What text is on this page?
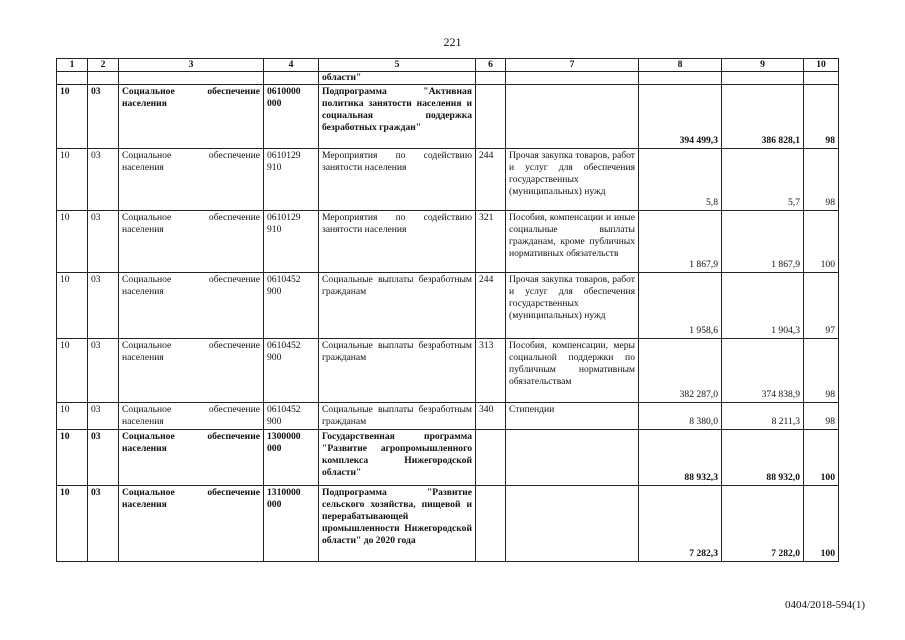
221
1	2	3	4	5	6	7	8	9	10
				области"					
10	03	Социальное обеспечение населения	0610000 000	Подпрограмма "Активная политика занятости населения и социальная поддержка безработных граждан"			394 499,3	386 828,1	98
10	03	Социальное обеспечение населения	0610129 910	Мероприятия по содействию занятости населения	244	Прочая закупка товаров, работ и услуг для обеспечения государственных (муниципальных) нужд	5,8	5,7	98
10	03	Социальное обеспечение населения	0610129 910	Мероприятия по содействию занятости населения	321	Пособия, компенсации и иные социальные выплаты гражданам, кроме публичных нормативных обязательств	1 867,9	1 867,9	100
10	03	Социальное обеспечение населения	0610452 900	Социальные выплаты безработным гражданам	244	Прочая закупка товаров, работ и услуг для обеспечения государственных (муниципальных) нужд	1 958,6	1 904,3	97
10	03	Социальное обеспечение населения	0610452 900	Социальные выплаты безработным гражданам	313	Пособия, компенсации, меры социальной поддержки по публичным нормативным обязательствам	382 287,0	374 838,9	98
10	03	Социальное обеспечение населения	0610452 900	Социальные выплаты безработным гражданам	340	Стипендии	8 380,0	8 211,3	98
10	03	Социальное обеспечение населения	1300000 000	Государственная программа "Развитие агропромышленного комплекса Нижегородской области"			88 932,3	88 932,0	100
10	03	Социальное обеспечение населения	1310000 000	Подпрограмма "Развитие сельского хозяйства, пищевой и перерабатывающей промышленности Нижегородской области" до 2020 года			7 282,3	7 282,0	100
0404/2018-594(1)
